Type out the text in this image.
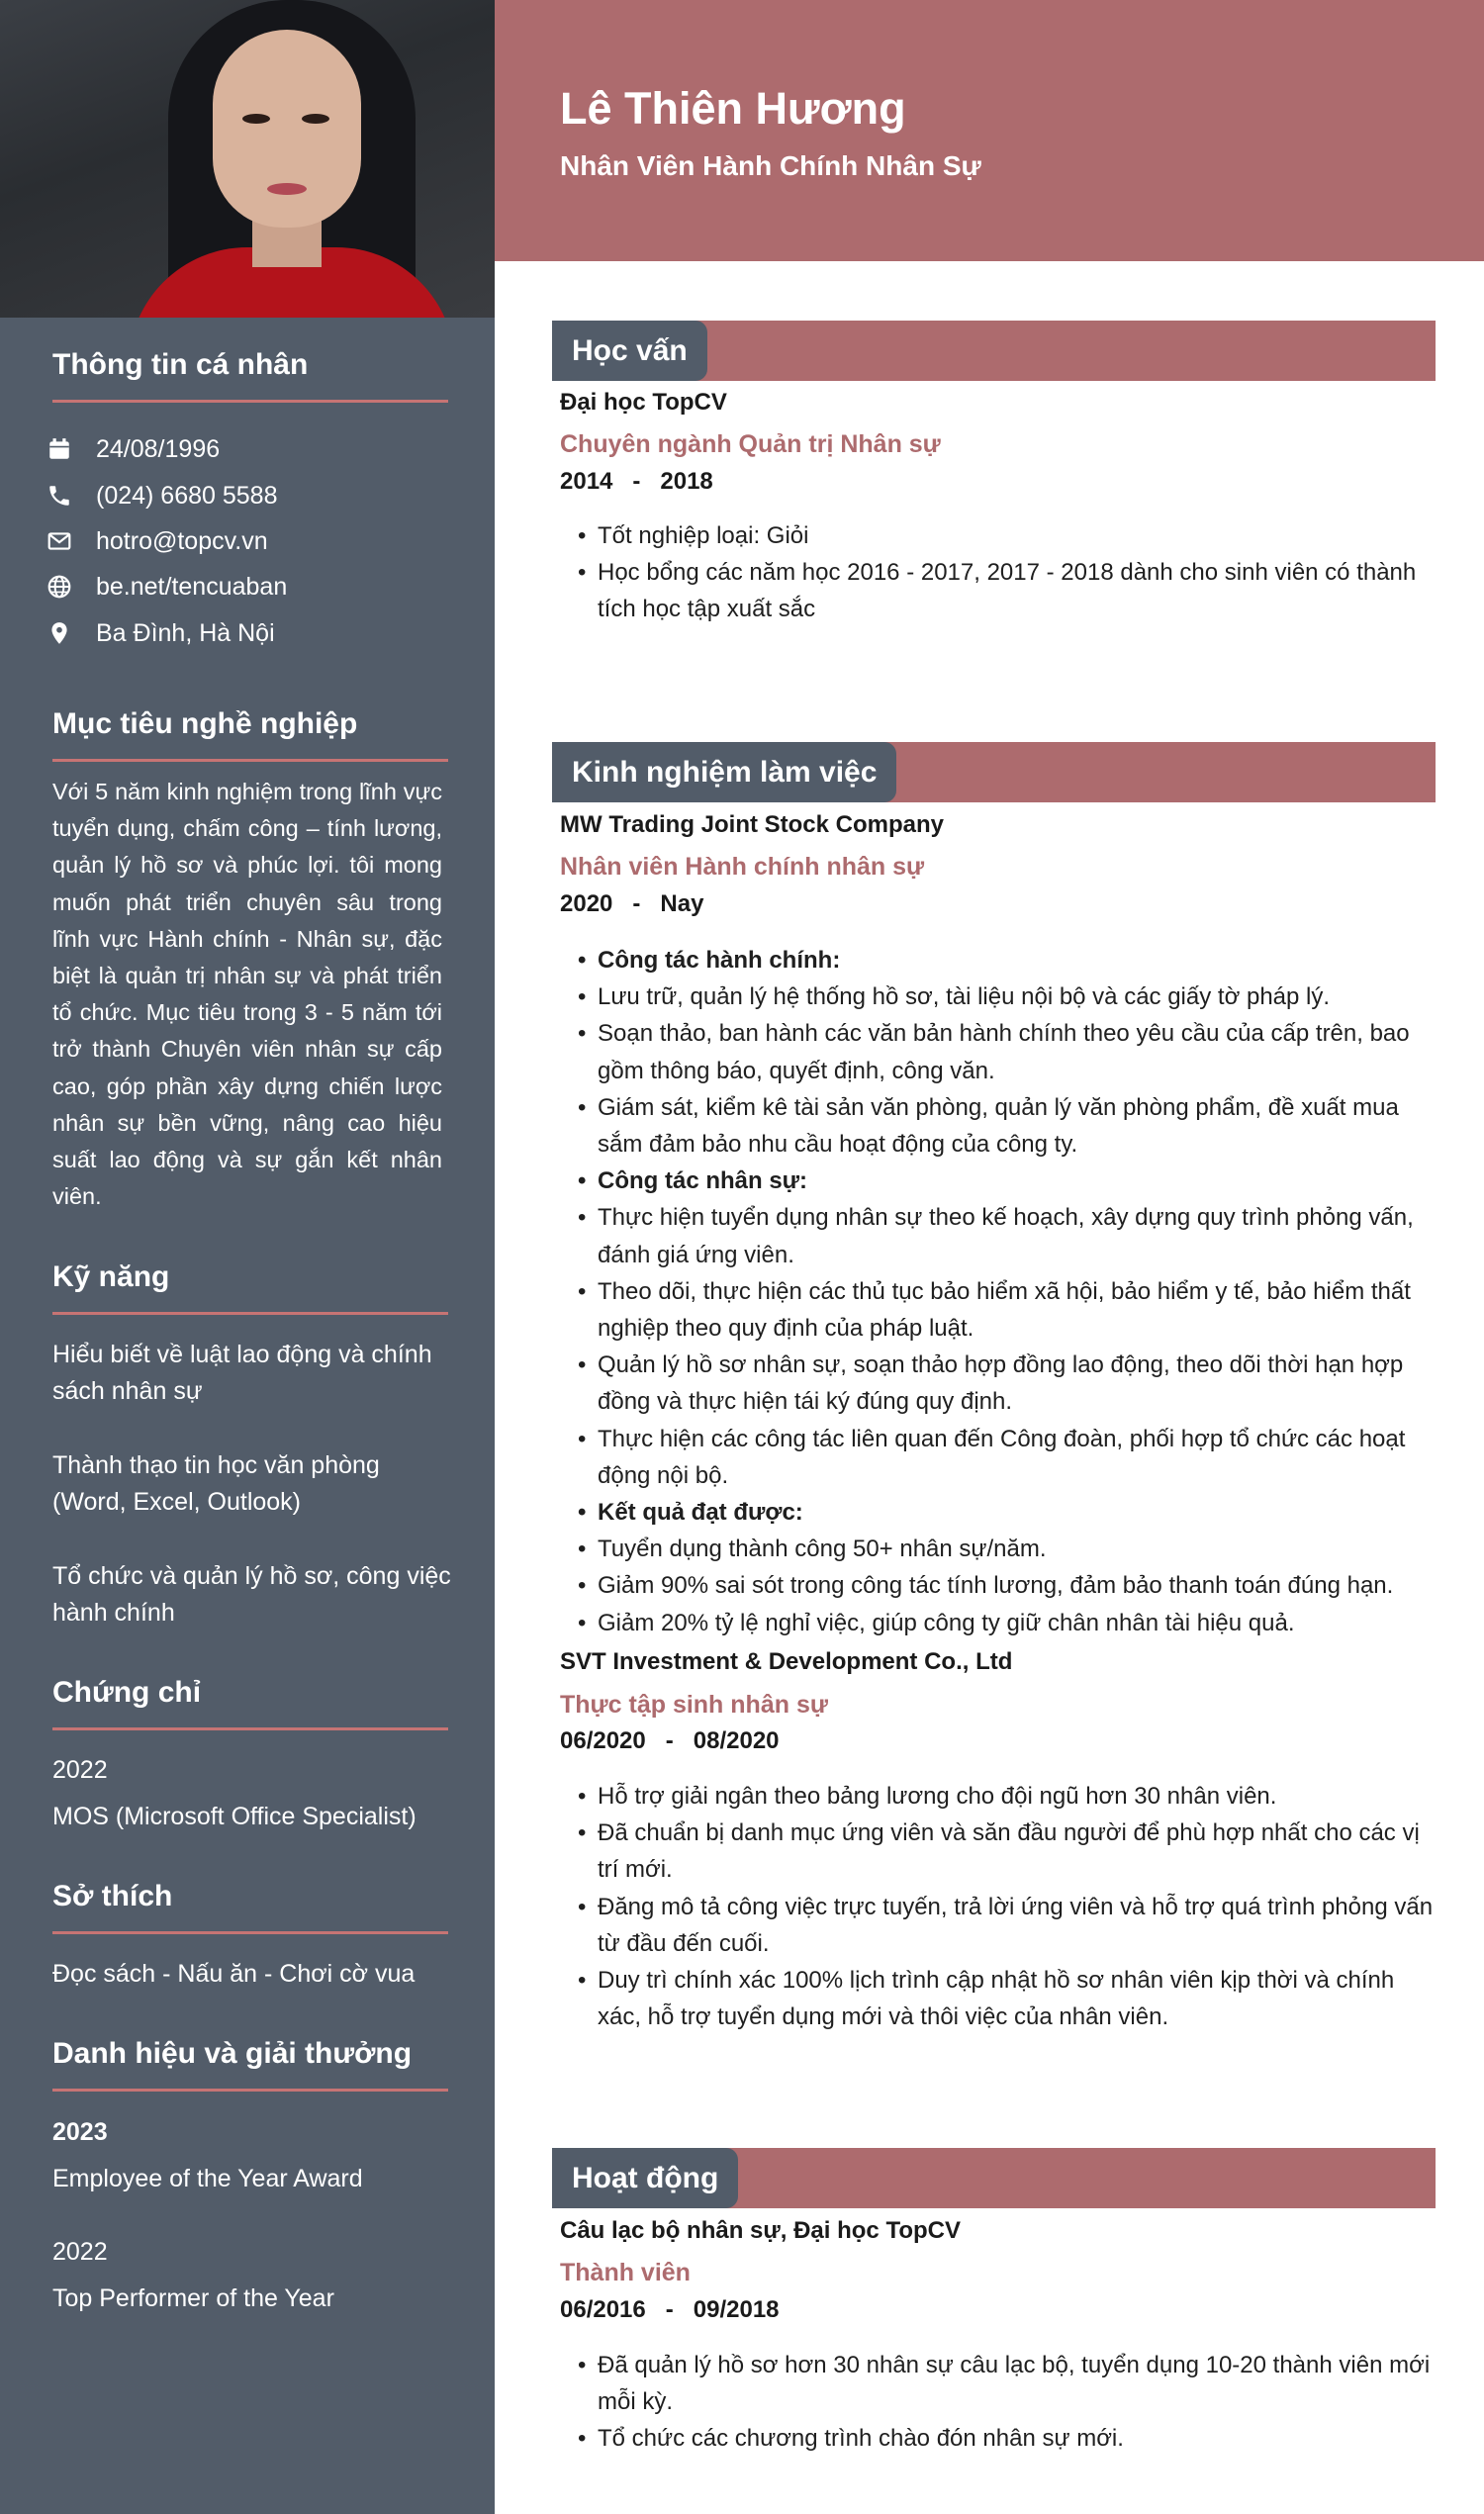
Thông tin cá nhân
24/08/1996
(024) 6680 5588
hotro@topcv.vn
be.net/tencuaban
Ba Đình, Hà Nội
Mục tiêu nghề nghiệp
Với 5 năm kinh nghiệm trong lĩnh vực tuyển dụng, chấm công – tính lương, quản lý hồ sơ và phúc lợi. tôi mong muốn phát triển chuyên sâu trong lĩnh vực Hành chính - Nhân sự, đặc biệt là quản trị nhân sự và phát triển tổ chức. Mục tiêu trong 3 - 5 năm tới trở thành Chuyên viên nhân sự cấp cao, góp phần xây dựng chiến lược nhân sự bền vững, nâng cao hiệu suất lao động và sự gắn kết nhân viên.
Kỹ năng
Hiểu biết về luật lao động và chính sách nhân sự
Thành thạo tin học văn phòng (Word, Excel, Outlook)
Tổ chức và quản lý hồ sơ, công việc hành chính
Chứng chỉ
2022
MOS (Microsoft Office Specialist)
Sở thích
Đọc sách - Nấu ăn - Chơi cờ vua
Danh hiệu và giải thưởng
2023
Employee of the Year Award
2022
Top Performer of the Year
Lê Thiên Hương
Nhân Viên Hành Chính Nhân Sự
Học vấn
Đại học TopCV
Chuyên ngành Quản trị Nhân sự
2014   -   2018
• Tốt nghiệp loại: Giỏi
• Học bổng các năm học 2016 - 2017, 2017 - 2018 dành cho sinh viên có thành tích học tập xuất sắc
Kinh nghiệm làm việc
MW Trading Joint Stock Company
Nhân viên Hành chính nhân sự
2020   -   Nay
• Công tác hành chính:
• Lưu trữ, quản lý hệ thống hồ sơ, tài liệu nội bộ và các giấy tờ pháp lý.
• Soạn thảo, ban hành các văn bản hành chính theo yêu cầu của cấp trên, bao gồm thông báo, quyết định, công văn.
• Giám sát, kiểm kê tài sản văn phòng, quản lý văn phòng phẩm, đề xuất mua sắm đảm bảo nhu cầu hoạt động của công ty.
• Công tác nhân sự:
• Thực hiện tuyển dụng nhân sự theo kế hoạch, xây dựng quy trình phỏng vấn, đánh giá ứng viên.
• Theo dõi, thực hiện các thủ tục bảo hiểm xã hội, bảo hiểm y tế, bảo hiểm thất nghiệp theo quy định của pháp luật.
• Quản lý hồ sơ nhân sự, soạn thảo hợp đồng lao động, theo dõi thời hạn hợp đồng và thực hiện tái ký đúng quy định.
• Thực hiện các công tác liên quan đến Công đoàn, phối hợp tổ chức các hoạt động nội bộ.
• Kết quả đạt được:
• Tuyển dụng thành công 50+ nhân sự/năm.
• Giảm 90% sai sót trong công tác tính lương, đảm bảo thanh toán đúng hạn.
• Giảm 20% tỷ lệ nghỉ việc, giúp công ty giữ chân nhân tài hiệu quả.
SVT Investment & Development Co., Ltd
Thực tập sinh nhân sự
06/2020   -   08/2020
• Hỗ trợ giải ngân theo bảng lương cho đội ngũ hơn 30 nhân viên.
• Đã chuẩn bị danh mục ứng viên và săn đầu người để phù hợp nhất cho các vị trí mới.
• Đăng mô tả công việc trực tuyến, trả lời ứng viên và hỗ trợ quá trình phỏng vấn từ đầu đến cuối.
• Duy trì chính xác 100% lịch trình cập nhật hồ sơ nhân viên kịp thời và chính xác, hỗ trợ tuyển dụng mới và thôi việc của nhân viên.
Hoạt động
Câu lạc bộ nhân sự, Đại học TopCV
Thành viên
06/2016   -   09/2018
• Đã quản lý hồ sơ hơn 30 nhân sự câu lạc bộ, tuyển dụng 10-20 thành viên mới mỗi kỳ.
• Tổ chức các chương trình chào đón nhân sự mới.
